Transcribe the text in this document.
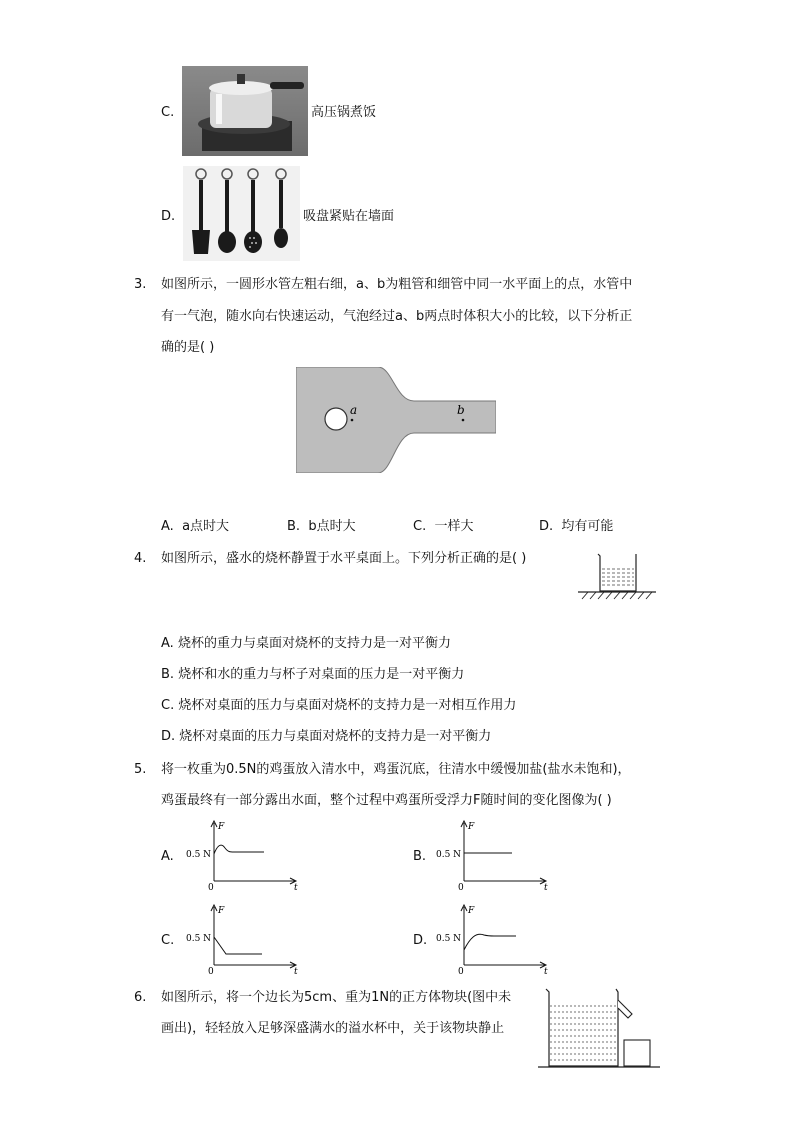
C.	高压锅煮饭
D.	吸盘紧贴在墙面
3. 如图所示，一圆形水管左粗右细，a、b为粗管和细管中同一水平面上的点，水管中
有一气泡，随水向右快速运动，气泡经过a、b两点时体积大小的比较，以下分析正
确的是( )
a	b
A. a点时大	B. b点时大	C. 一样大	D. 均有可能
4. 如图所示，盛水的烧杯静置于水平桌面上。下列分析正确的是( )
A. 烧杯的重力与桌面对烧杯的支持力是一对平衡力
B. 烧杯和水的重力与杯子对桌面的压力是一对平衡力
C. 烧杯对桌面的压力与桌面对烧杯的支持力是一对相互作用力
D. 烧杯对桌面的压力与桌面对烧杯的支持力是一对平衡力
5. 将一枚重为0.5N的鸡蛋放入清水中，鸡蛋沉底，往清水中缓慢加盐(盐水未饱和)，
鸡蛋最终有一部分露出水面，整个过程中鸡蛋所受浮力F随时间的变化图像为( )
A.
F
0.5 N
0	t
B.
F
0.5 N
0	t
C.
F
0.5 N
0	t
D.
F
0.5 N
0	t
6. 如图所示，将一个边长为5cm、重为1N的正方体物块(图中未
画出)，轻轻放入足够深盛满水的溢水杯中，关于该物块静止
